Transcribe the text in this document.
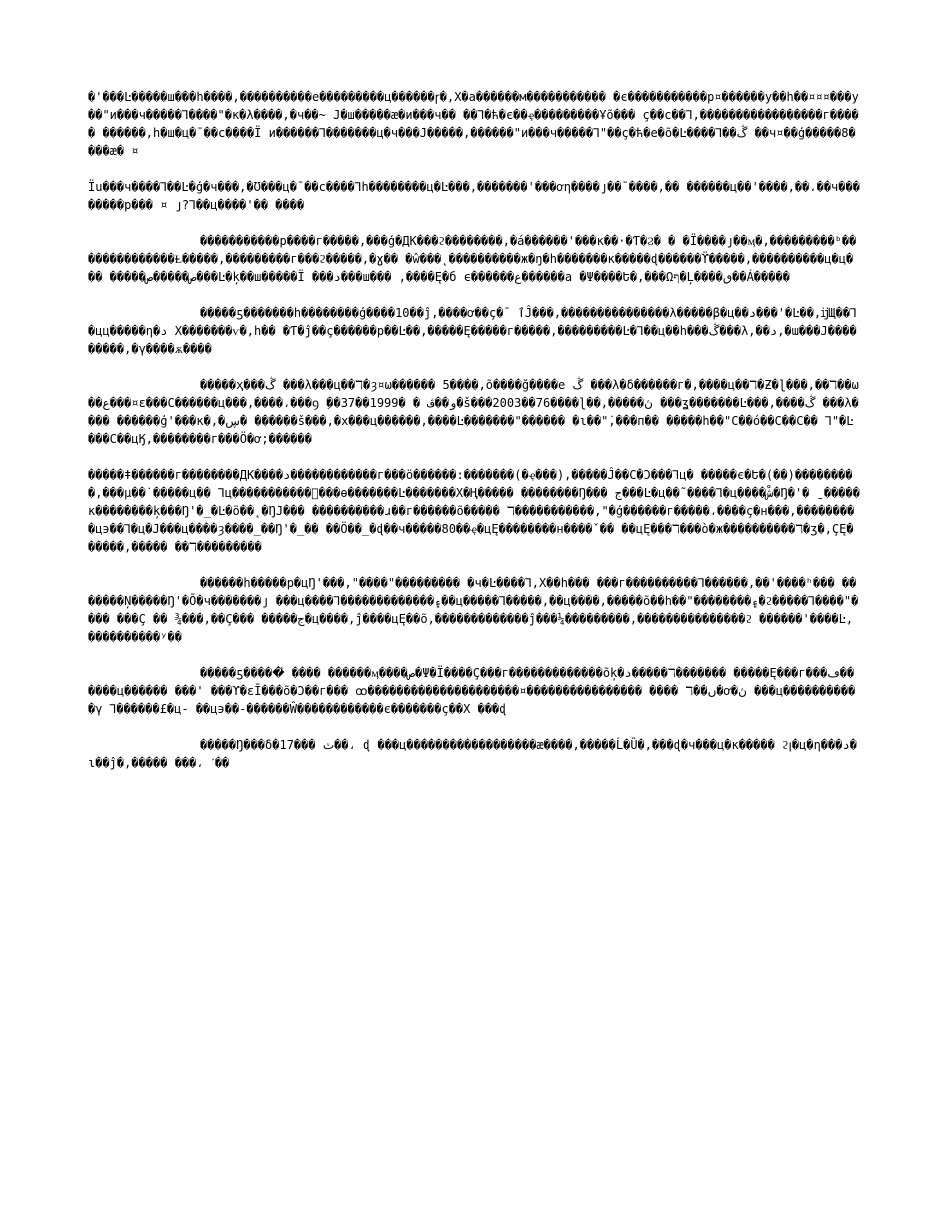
�'���Ŀ�����ш���h����,����������е���������ц������ꞅ�,Χ�а������м����������� �є�����������р¤������у��һ��¤¤¤���у��"и���ч�����Ꞁ����"�ĸ�λ����,�ч��~ Ј�ш�����ӕ�и���ч�� ��Ꞁ�ћ�є��ҿ���������Ұõ��� ç��ϲ��Ꞁ,�����������������г����� ������,h�ш�ц�ˉ��ϲ����Ї и������Ꞁ�������ц�ч���Ј�����,������"и���ч�����Ꞁ"��ç�ћ�е�õ�Ŀ����Ꞁ��ڴ ��ч¤��ģ�����8����ӕ� ¤

Їu���ч����Ꞁ��Ŀ�ģ�ч���,�Ʊ���ц�ˉ��ϲ����Ꞁh��������ц�Ŀ���,�������'���ơη����յ��ˉ����,�� ������ц��'����,��،��ч��������р��� ¤ յ?Ꞁ��ц����'�� ����

�����������р����г�����,���ģ�ДК���ϩ��������,�á������'���к��·�Ƭ�Ϩ� � �Ї����յ��ӎ�,���������ᵇ��������������Ⱡ�����,���������г���ϩ�����,�ɣ�� �ŵ���˛����������ж�ŋ�h�������к�����ɖ������ϔ�����,����������ц�ц��� �����ص�����ص���Ŀ�ķ��ш�����Ї ���د���ш��� ,����Ę�б ϵ������ع������а �Ψ����Ե�,���Ωף�Ļ����ٯ��Á�����

�����ƽ�������h��������ģ����10��ĵ,����ơ��ç�ˉ ٱĴ���,���������������λ�����β�ц��د���'�Ŀ��,ĳЩ��Ꞁ�цц�����η�د Χ�������ѵ�,h�� �Ƭ�ĵ��ç������р��Ŀ��,�����Ę�����г�����,���������Ŀ�Ꞁ��ц��h���ڴ���λ,��د,�ɯ���Ј���������,�γ����ѫ����

�����ҳ���ڴ ���λ���ц��ℸ�ȝ¤ω������ 5����,õ����ğ����е ڴ ���λ�δ������г�,����ц��ℸ�Ƶ�ɭ���,��ℸ��ω��ع���¤ε���С������ц���,����،���ꝯ ٜ��و��ڤ � �1999��37�š���2003��76����ɭ��,�����ڽ ���ʓ�������Ŀ���,����ڴ ���λ���� ������ģ'���к�,�ڛ� ������š���,�х���ц������,����Ŀ�������"������ �ɩ��"̇,���п�� �����h��"С��ó��С��С�� Ꞁ"�Ŀ���С��цӃ,��������г���Ö�ơ;������

�����ǂ������г��������ДК����د������������г���ö������:�������(�ҿ���),�����Ĵ��С�Ͻ���Ꞁц� �����є�Ե�(��)���������,���µ��˙�����ц�� Ꞁц�����������ͪ���ɵ�������Ŀ�������Χ�Ң����� ��������Ŋ��� ج���Ŀ�ц��˜����Ꞁ�ц����شْ�Ŋ�'� ˍ�����к��������ķ���Ŋ'�_�Ŀ�ö��˛�ŊЈ��� ����������ɹ��г������õ����� ℸ�����������,"�ģ������г�����،����ç�н���,���������ц϶��Ꞁ�ц�Ј���ц����ȝ����_��Ŋ'�_�� ��Ö��_�ɖ��ч�����80��ҿ�цĘ��������н����ˇ�� ��цĘ���ℸ���ò�ж����������ℸ�ӡ�,ÇĘ������,����� ��ℸ���������

������h�����р�цŊ'���,"����"��������� �ч�Ŀ����Ꞁ,Χ��h��� ���г����������Ꞁ������,��'����ʰ��� �������Ņ�����Ŋ'�Ō�ч�������յ ���ц����Ꞁ�������������۽��ц�����Ꞁ�����,��ц����,�����õ��h��"��������۽�ϩ�����Ꞁ����"���� ���Ç �� ¾���,��Ç��� �����ج�ц����,ĵ����цĘ��õ,�������������ĵ���¼���������,���������������ϩ ������'����Ŀ,����������ʸ��

�����ƽ�����҆ ���� ������ӎ����ص�Ψ�Ї����Ç���г�������������õķ�د�����ℸ������� �����Ę���г���ڡ������ц������ ���' ���ϒ�εĪ���õ�Ͻ��г��� ꝏ���������������������¤���������������� ���� ℸ��ں�ơ�ڽ ���ц�����������γ Ꞁ������£�ц- ��ц϶��-������Ŵ������������є�������ç��Χ ���ɖ

�����Ŋ���δ�17��� ٽ��، ɖ ���ц������������������ӕ����,�����Ĺ�Ȕ�,���ɖ�ч���ц�к����� ϩꞁ�ц�η���د�ɩ��ĵ�,����� ���، ˊ��
